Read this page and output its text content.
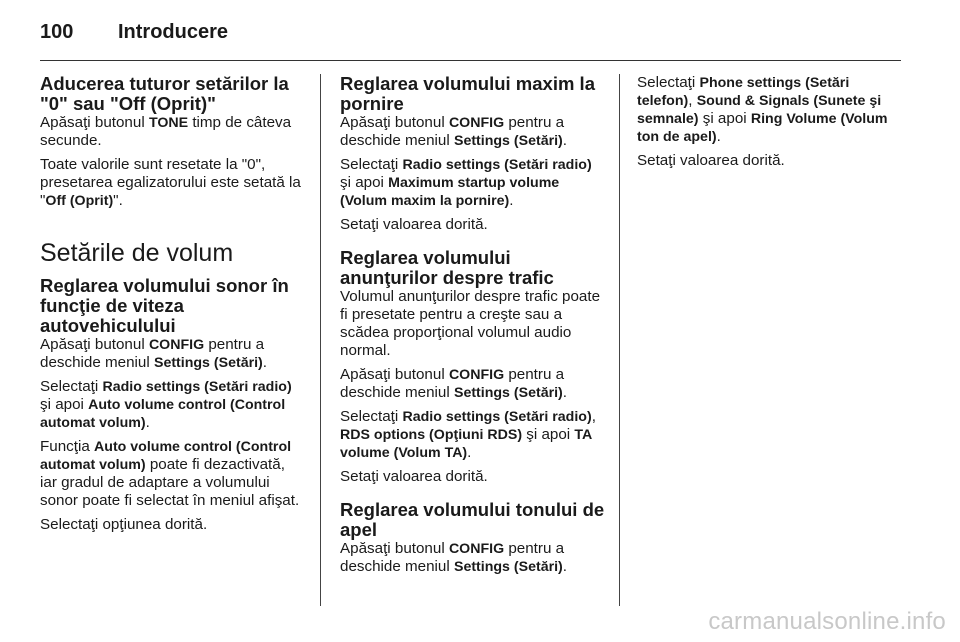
100	Introducere
Aducerea tuturor setărilor la "0" sau "Off (Oprit)"

Apăsaţi butonul TONE timp de câteva secunde.

Toate valorile sunt resetate la "0", presetarea egalizatorului este setată la "Off (Oprit)".

Setările de volum
Reglarea volumului sonor în funcţie de viteza autovehiculului

Apăsaţi butonul CONFIG pentru a deschide meniul Settings (Setări).

Selectaţi Radio settings (Setări radio) şi apoi Auto volume control (Control automat volum).

Funcţia Auto volume control (Control automat volum) poate fi dezactivată, iar gradul de adaptare a volumului sonor poate fi selectat în meniul afişat.

Selectaţi opţiunea dorită.

Reglarea volumului maxim la pornire

Apăsaţi butonul CONFIG pentru a deschide meniul Settings (Setări).

Selectaţi Radio settings (Setări radio) şi apoi Maximum startup volume (Volum maxim la pornire).

Setaţi valoarea dorită.

Reglarea volumului anunţurilor despre trafic

Volumul anunţurilor despre trafic poate fi presetate pentru a creşte sau a scădea proporţional volumul audio normal.

Apăsaţi butonul CONFIG pentru a deschide meniul Settings (Setări).

Selectaţi Radio settings (Setări radio), RDS options (Opţiuni RDS) şi apoi TA volume (Volum TA).

Setaţi valoarea dorită.

Reglarea volumului tonului de apel

Apăsaţi butonul CONFIG pentru a deschide meniul Settings (Setări).

Selectaţi Phone settings (Setări telefon), Sound & Signals (Sunete şi semnale) şi apoi Ring Volume (Volum ton de apel).

Setaţi valoarea dorită.

carmanualsonline.info
